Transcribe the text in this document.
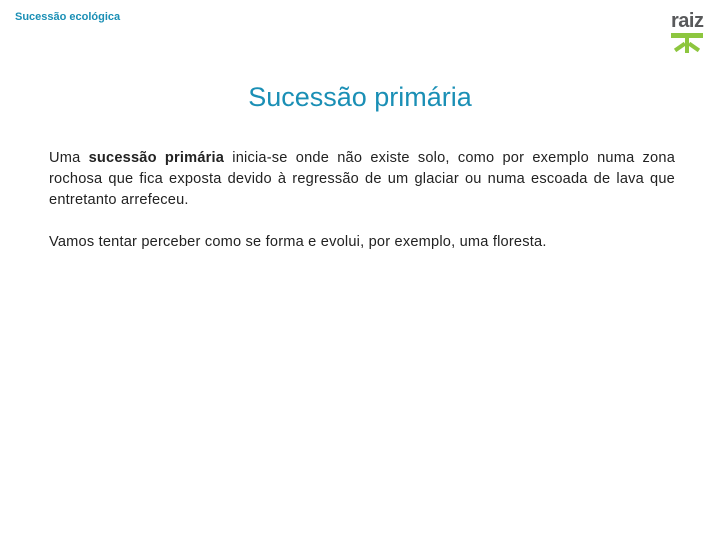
Sucessão ecológica	raiz
Sucessão primária

Uma sucessão primária inicia-se onde não existe solo, como por exemplo numa zona rochosa que fica exposta devido à regressão de um glaciar ou numa escoada de lava que entretanto arrefeceu.

Vamos tentar perceber como se forma e evolui, por exemplo, uma floresta.
